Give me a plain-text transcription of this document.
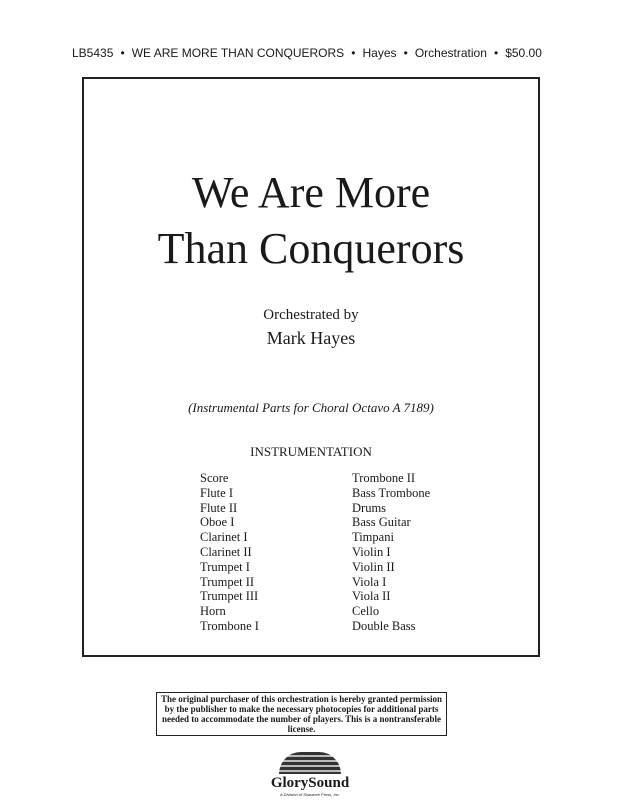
LB5435 • WE ARE MORE THAN CONQUERORS • Hayes • Orchestration • $50.00
We Are More
Than Conquerors
Orchestrated by
Mark Hayes
(Instrumental Parts for Choral Octavo A 7189)
INSTRUMENTATION
Score
Flute I
Flute II
Oboe I
Clarinet I
Clarinet II
Trumpet I
Trumpet II
Trumpet III
Horn
Trombone I
Trombone II
Bass Trombone
Drums
Bass Guitar
Timpani
Violin I
Violin II
Viola I
Viola II
Cello
Double Bass
The original purchaser of this orchestration is hereby granted permission by the publisher to make the necessary photocopies for additional parts needed to accommodate the number of players. This is a nontransferable license.
GlorySound
A Division of Shawnee Press, Inc.
